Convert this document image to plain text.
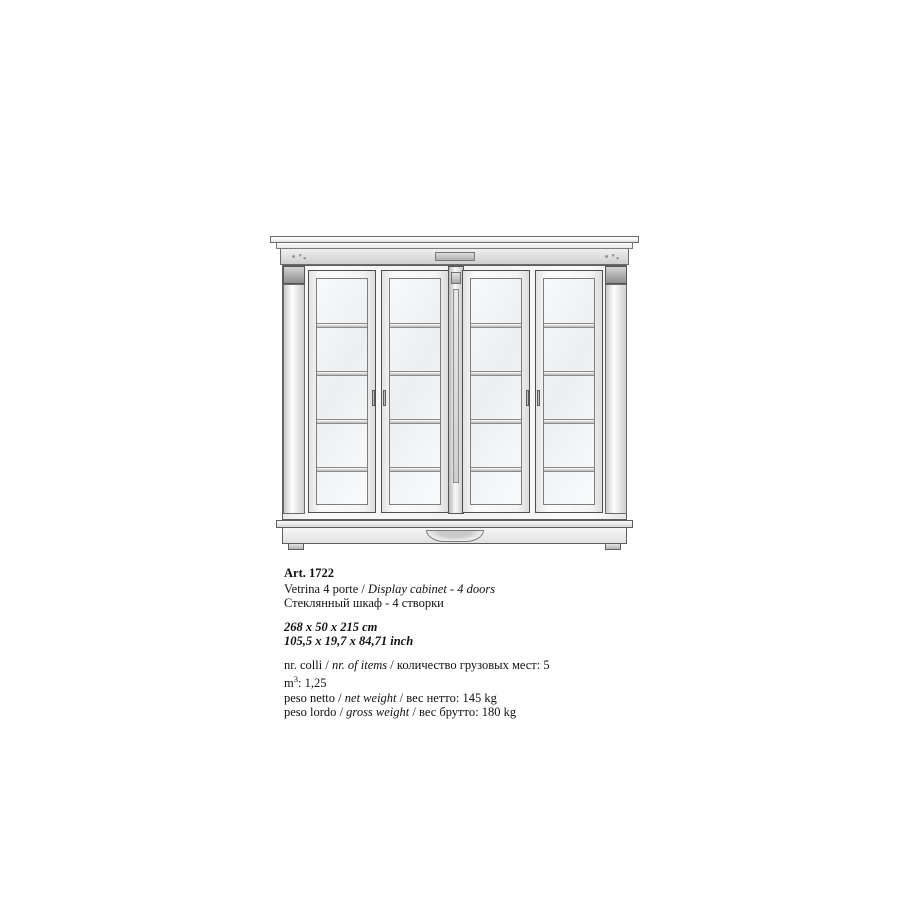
Art. 1722
Vetrina 4 porte / Display cabinet - 4 doors
Стеклянный шкаф - 4 створки
268 x 50 x 215 cm
105,5 x 19,7 x 84,71 inch
nr. colli / nr. of items / количество грузовых мест: 5
$m^3$: 1,25
peso netto / net weight / вес нетто: 145 kg
peso lordo / gross weight / вес брутто: 180 kg
